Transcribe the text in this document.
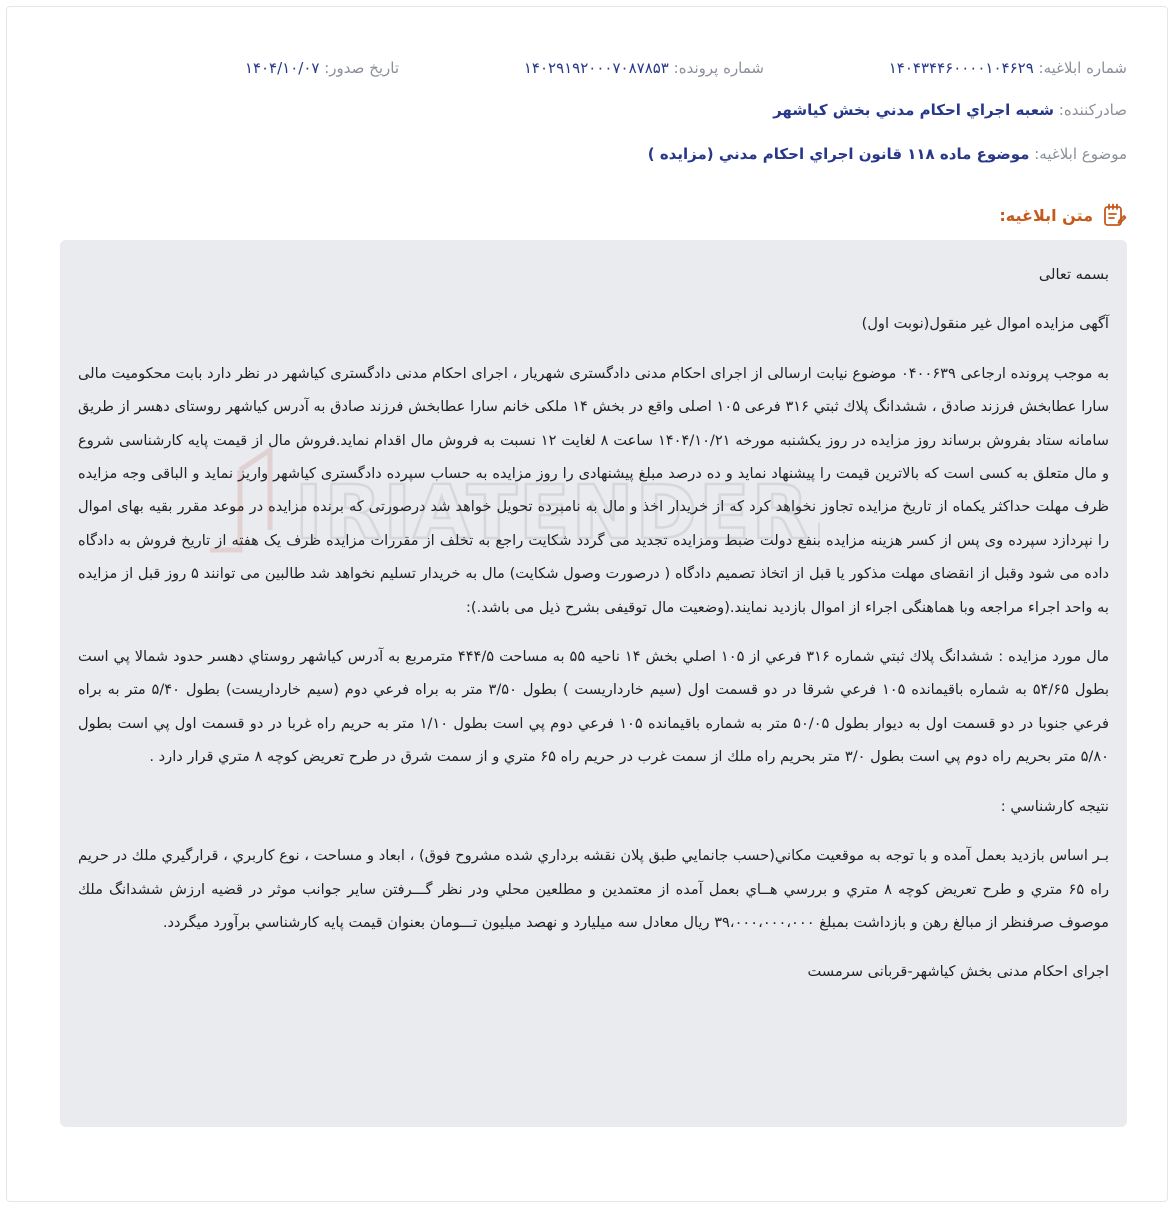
شماره ابلاغیه: ۱۴۰۴۳۴۴۶۰۰۰۰۱۰۴۶۲۹
شماره پرونده: ۱۴۰۲۹۱۹۲۰۰۰۷۰۸۷۸۵۳
تاریخ صدور: ۱۴۰۴/۱۰/۰۷
صادرکننده: شعبه اجراي احكام مدني بخش كياشهر
موضوع ابلاغیه: موضوع ماده ۱۱۸ قانون اجراي احكام مدني (مزايده )
متن ابلاغیه:

بسمه تعالی

آگهی مزایده اموال غیر منقول(نوبت اول)

به موجب پرونده ارجاعی ۰۴۰۰۶۳۹ موضوع نیابت ارسالی از اجرای احکام مدنی دادگستری شهریار ، اجرای احکام مدنی دادگستری کیاشهر در نظر دارد بابت محکومیت مالی سارا عطابخش فرزند صادق ، ششدانگ پلاك ثبتي ۳۱۶ فرعی ۱۰۵ اصلی واقع در بخش ۱۴ ملکی خانم سارا عطابخش فرزند صادق به آدرس کیاشهر روستای دهسر از طریق سامانه ستاد بفروش برساند روز مزایده در روز یکشنبه مورخه ۱۴۰۴/۱۰/۲۱ ساعت ۸ لغایت ۱۲ نسبت به فروش مال اقدام نماید.فروش مال از قیمت پایه کارشناسی شروع و مال متعلق به کسی است که بالاترین قیمت را پیشنهاد نماید و ده درصد مبلغ پیشنهادی را روز مزایده به حساب سپرده دادگستری کیاشهر واریز نماید و الباقی وجه مزایده ظرف مهلت حداکثر یکماه از تاریخ مزایده تجاوز نخواهد کرد که از خریدار اخذ و مال به نامبرده تحویل خواهد شد درصورتی که برنده مزایده در موعد مقرر بقیه بهای اموال را نپردازد سپرده وی پس از کسر هزینه مزایده بنفع دولت ضبط ومزایده تجدید می گردد شکایت راجع به تخلف از مقررات مزایده ظرف یک هفته از تاریخ فروش به دادگاه داده می شود وقبل از انقضای مهلت مذکور یا قبل از اتخاذ تصمیم دادگاه ( درصورت وصول شکایت) مال به خریدار تسلیم نخواهد شد طالبین می توانند ۵ روز قبل از مزایده به واحد اجراء مراجعه وبا هماهنگی اجراء از اموال بازدید نمایند.(وضعیت مال توقیفی بشرح ذیل می باشد.):

مال مورد مزايده : ششدانگ پلاك ثبتي شماره ۳۱۶ فرعي از ۱۰۵ اصلي بخش ۱۴ ناحيه ۵۵ به مساحت ۴۴۴/۵ مترمربع به آدرس كياشهر روستاي دهسر حدود شمالا پي است بطول ۵۴/۶۵ به شماره باقيمانده ۱۰۵ فرعي شرقا در دو قسمت اول (سيم خارداريست ) بطول ۳/۵۰ متر به براه فرعي دوم (سيم خارداريست) بطول ۵/۴۰ متر به براه فرعي جنوبا در دو قسمت اول به ديوار بطول ۵۰/۰۵ متر به شماره باقيمانده ۱۰۵ فرعي دوم پي است بطول ۱/۱۰ متر به حريم راه غربا در دو قسمت اول پي است بطول ۵/۸۰ متر بحريم راه دوم پي است بطول ۳/۰ متر بحريم راه ملك از سمت غرب در حريم راه ۶۵ متري و از سمت شرق در طرح تعريض كوچه ۸ متري قرار دارد .

نتيجه كارشناسي :

بـر اساس بازديد بعمل آمده و با توجه به موقعيت مكاني(حسب جانمايي طبق پلان نقشه برداري شده مشروح فوق) ، ابعاد و مساحت ، نوع كاربري ، قرارگيري ملك در حريم راه ۶۵ متري و طرح تعريض كوچه ۸ متري و بررسي هــاي بعمل آمده از معتمدين و مطلعين محلي ودر نظر گـــرفتن ساير جوانب موثر در قضيه ارزش ششدانگ ملك موصوف صرفنظر از مبالغ رهن و بازداشت بمبلغ ۳۹،۰۰۰،۰۰۰،۰۰۰ ريال معادل سه ميليارد و نهصد ميليون تـــومان بعنوان قيمت پايه كارشناسي برآورد ميگردد.

اجرای احکام مدنی بخش کیاشهر-قربانی سرمست
